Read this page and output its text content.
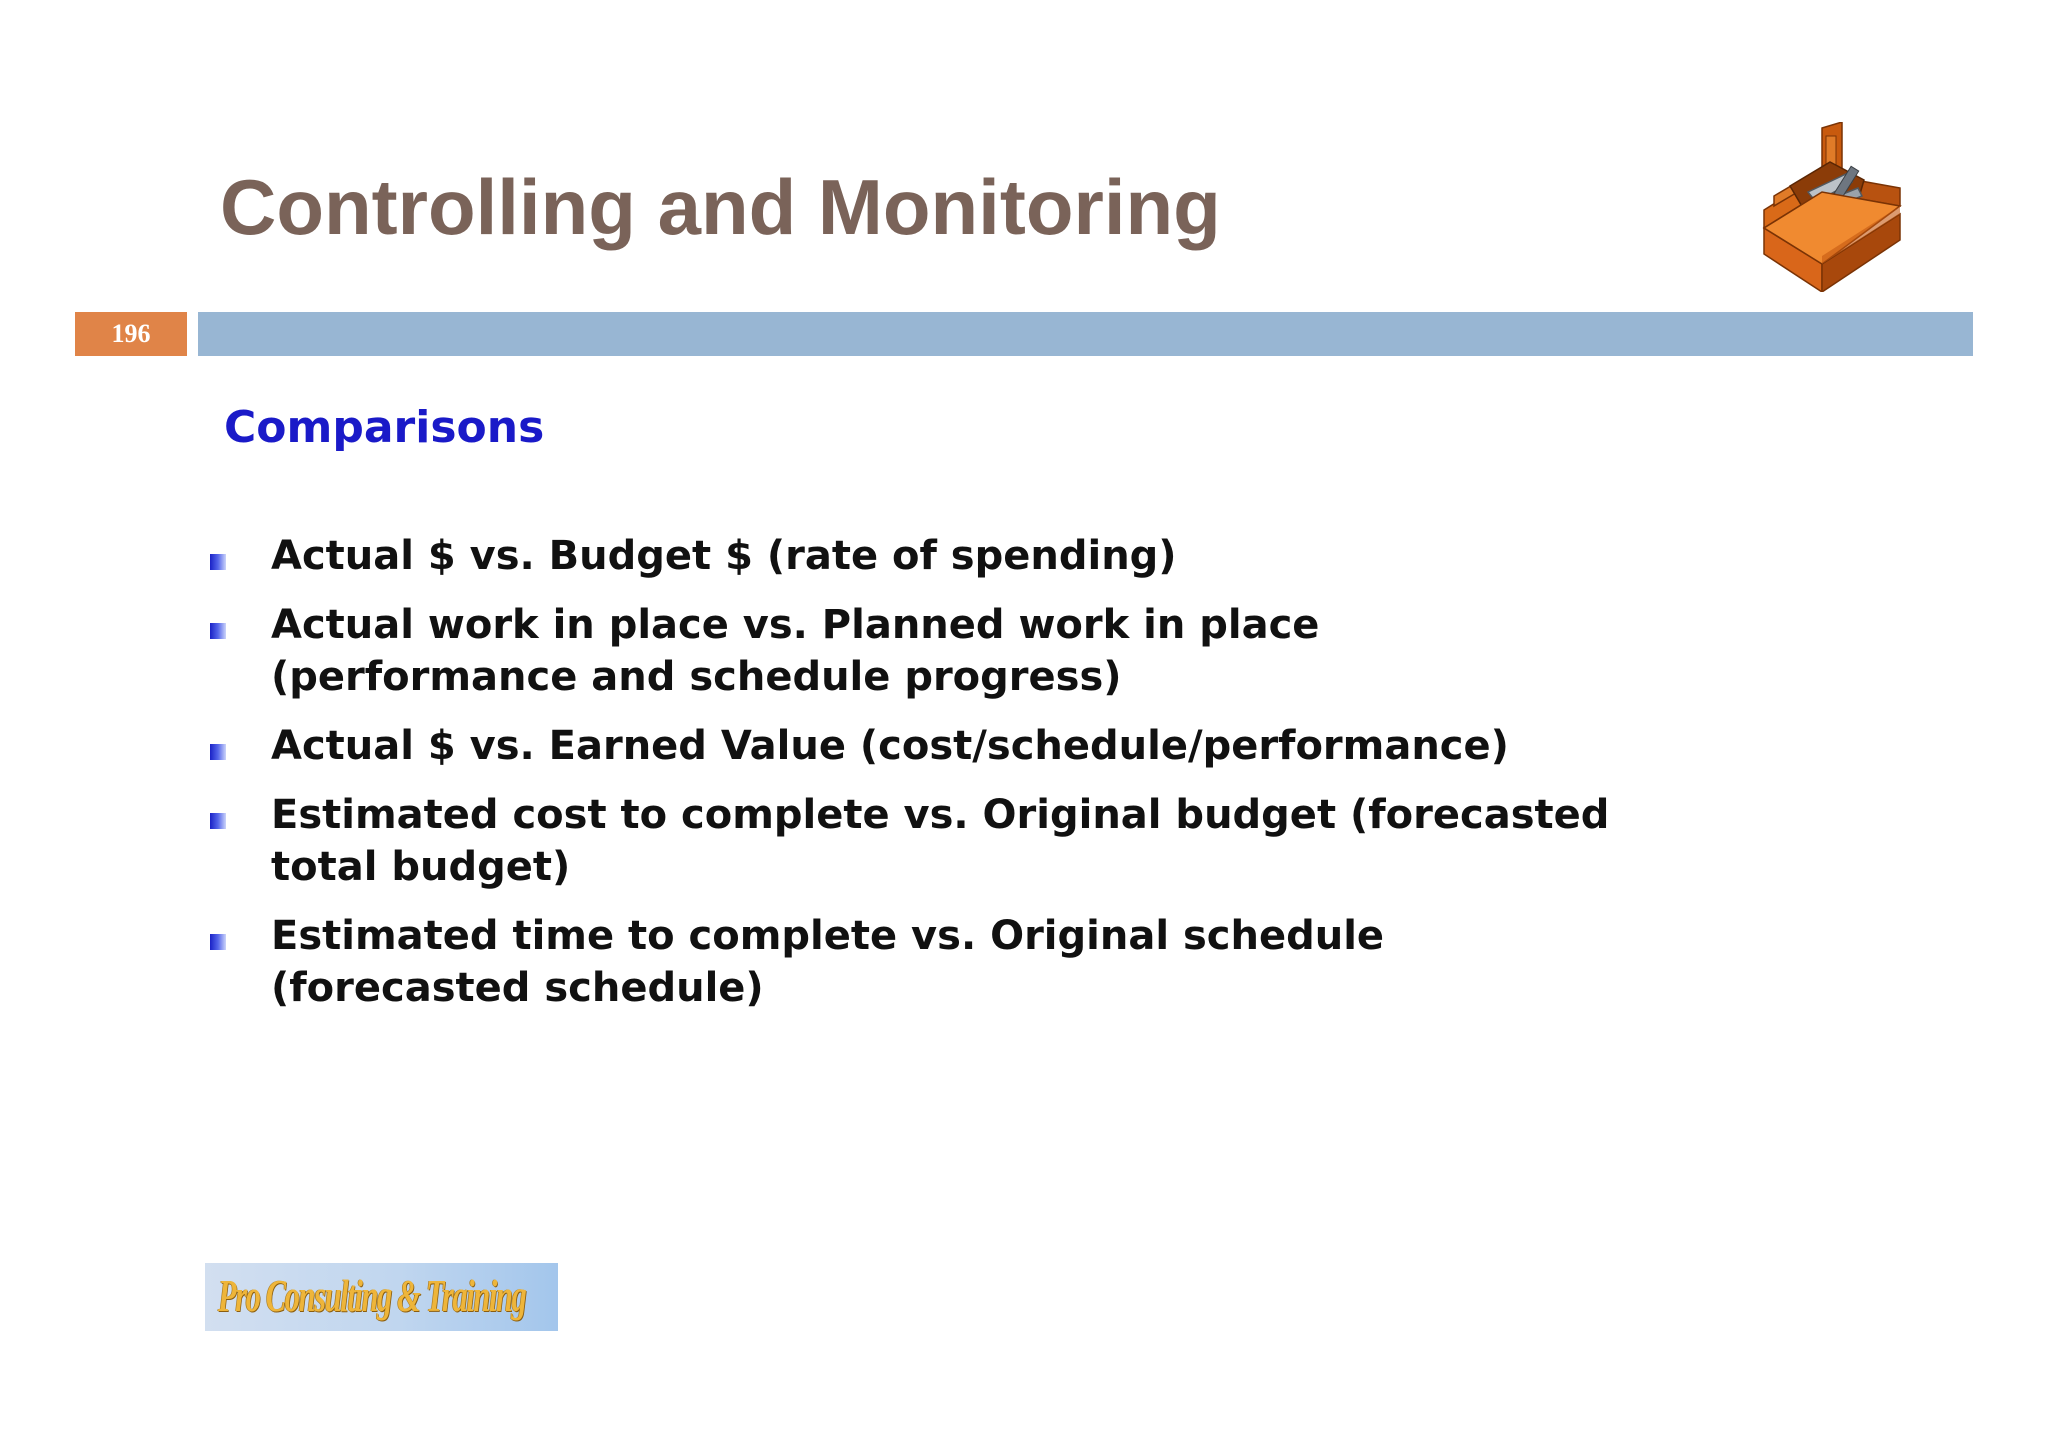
Controlling and Monitoring
196
Comparisons
Actual $ vs. Budget $ (rate of spending)
Actual work in place vs. Planned work in place (performance and schedule progress)
Actual $ vs. Earned Value (cost/schedule/performance)
Estimated cost to complete vs. Original budget (forecasted total budget)
Estimated time to complete vs. Original schedule (forecasted schedule)
Pro Consulting & Training
